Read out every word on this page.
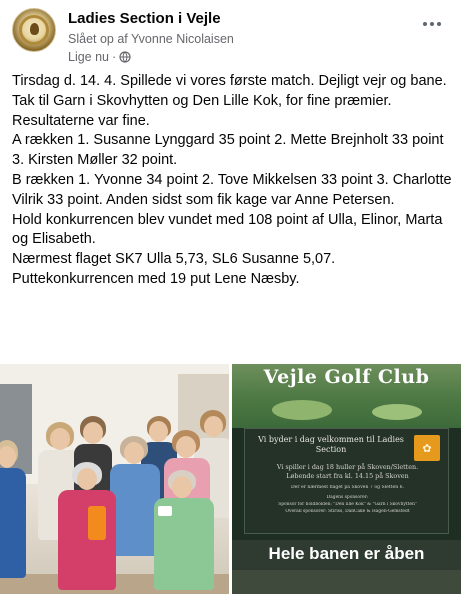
Ladies Section i Vejle
Slået op af Yvonne Nicolaisen
Lige nu ·

Tirsdag d. 14. 4. Spillede vi vores første match. Dejligt vejr og bane.

Tak til Garn i Skovhytten og Den Lille Kok, for fine præmier.

Resultaterne var fine.

A rækken 1. Susanne Lynggard 35 point 2. Mette Brejnholt 33 point 3. Kirsten Møller 32 point.

B rækken 1. Yvonne 34 point 2. Tove Mikkelsen 33 point 3. Charlotte Vilrik 33 point. Anden sidst som fik kage var Anne Petersen.

Hold konkurrencen blev vundet med 108 point af Ulla, Elinor, Marta og Elisabeth.

Nærmest flaget SK7 Ulla 5,73, SL6 Susanne 5,07.

Puttekonkurrencen med 19 put Lene Næsby.

Vejle Golf Club
Vi byder i dag velkommen til Ladies Section	✿
Vi spiller i dag 18 huller på Skoven/Sletten.
Løbende start fra kl. 14.15 på Skoven
Der er nærmest flaget på Skoven 7 og Sletten 6.
Dagens sponsorer:
Sponsor for holdbolden: "Den lille Kok" & "Garn i Skovhytten"
Overall sponsorer: Stiriss, DanCake & Hagen-Gemstedt
Hele banen er åben
